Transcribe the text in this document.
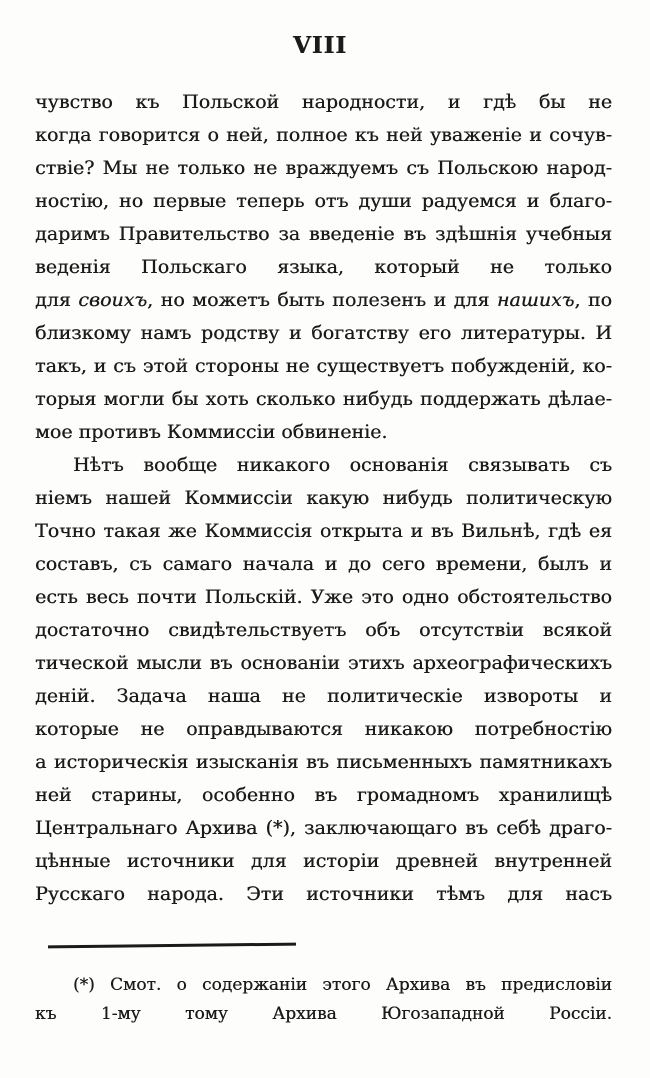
VIII
чувство къ Польской народности, и гдѣ бы не
когда говорится о ней, полное къ ней уваженіе и сочув-
ствіе? Мы не только не враждуемъ съ Польскою народ-
ностію, но первые теперь отъ души радуемся и благо-
даримъ Правительство за введеніе въ здѣшнія учебныя
веденія Польскаго языка, который не только
для своихъ, но можетъ быть полезенъ и для нашихъ, по
близкому намъ родству и богатству его литературы. И
такъ, и съ этой стороны не существуетъ побужденій, ко-
торыя могли бы хоть сколько нибудь поддержать дѣлае-
мое противъ Коммиссіи обвиненіе.
Нѣтъ вообще никакого основанія связывать съ
ніемъ нашей Коммиссіи какую нибудь политическую
Точно такая же Коммиссія открыта и въ Вильнѣ, гдѣ ея
составъ, съ самаго начала и до сего времени, былъ и
есть весь почти Польскій. Уже это одно обстоятельство
достаточно свидѣтельствуетъ объ отсутствіи всякой
тической мысли въ основаніи этихъ археографическихъ
деній. Задача наша не политическіе извороты и
которые не оправдываются никакою потребностію
а историческія изысканія въ письменныхъ памятникахъ
ней старины, особенно въ громадномъ хранилищѣ
Центральнаго Архива (*), заключающаго въ себѣ драго-
цѣнные источники для исторіи древней внутренней
Русскаго народа. Эти источники тѣмъ для насъ
(*) Смот. о содержаніи этого Архива въ предисловіи
къ 1-му тому Архива Югозападной Россіи.
